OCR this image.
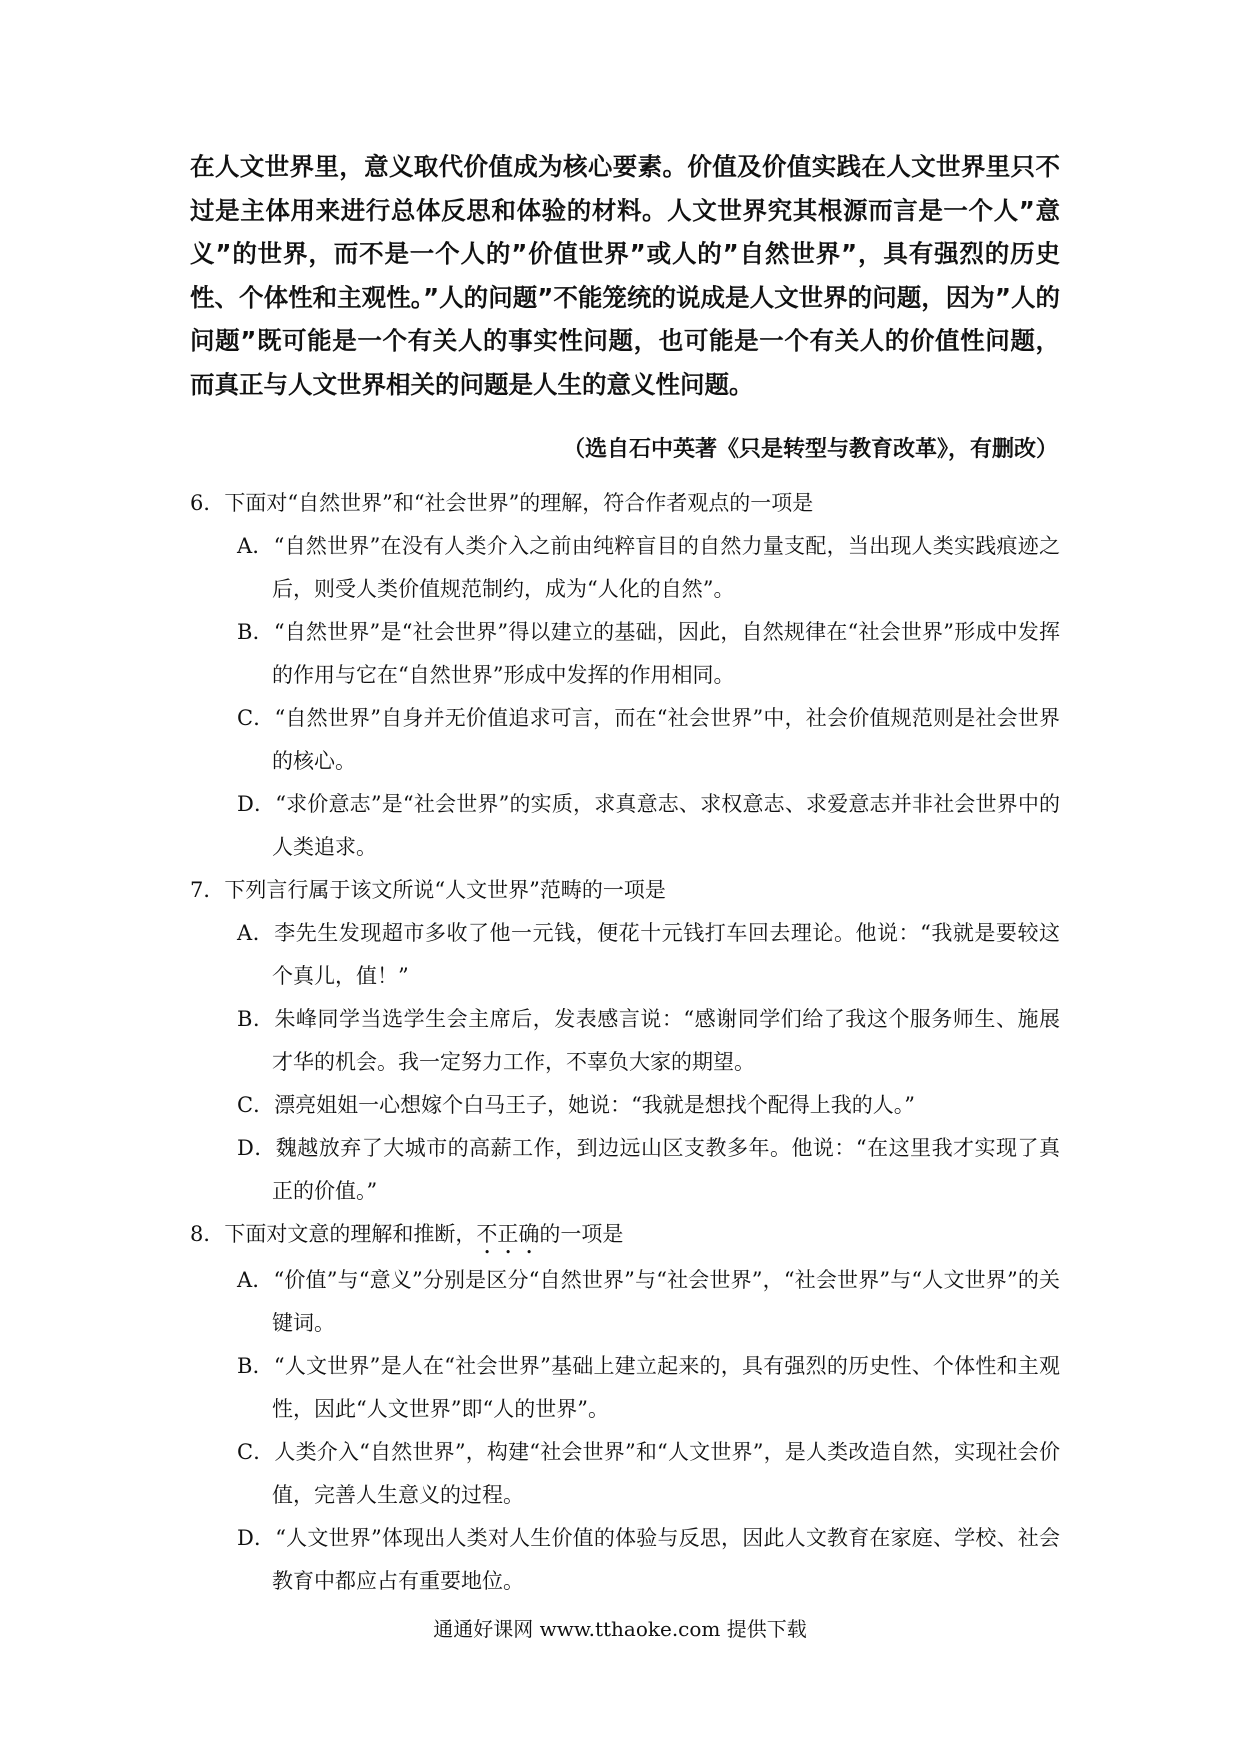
在人文世界里，意义取代价值成为核心要素。价值及价值实践在人文世界里只不过是主体用来进行总体反思和体验的材料。人文世界究其根源而言是一个人”意义”的世界，而不是一个人的”价值世界”或人的”自然世界”，具有强烈的历史性、个体性和主观性。”人的问题”不能笼统的说成是人文世界的问题，因为”人的问题”既可能是一个有关人的事实性问题，也可能是一个有关人的价值性问题，而真正与人文世界相关的问题是人生的意义性问题。

（选自石中英著《只是转型与教育改革》，有删改）

6．下面对“自然世界”和“社会世界”的理解，符合作者观点的一项是

A．“自然世界”在没有人类介入之前由纯粹盲目的自然力量支配，当出现人类实践痕迹之后，则受人类价值规范制约，成为“人化的自然”。

B．“自然世界”是“社会世界”得以建立的基础，因此，自然规律在“社会世界”形成中发挥的作用与它在“自然世界”形成中发挥的作用相同。

C．“自然世界”自身并无价值追求可言，而在“社会世界”中，社会价值规范则是社会世界的核心。

D．“求价意志”是“社会世界”的实质，求真意志、求权意志、求爱意志并非社会世界中的人类追求。

7．下列言行属于该文所说“人文世界”范畴的一项是

A．李先生发现超市多收了他一元钱，便花十元钱打车回去理论。他说：“我就是要较这个真儿，值！”

B．朱峰同学当选学生会主席后，发表感言说：“感谢同学们给了我这个服务师生、施展才华的机会。我一定努力工作，不辜负大家的期望。

C．漂亮姐姐一心想嫁个白马王子，她说：“我就是想找个配得上我的人。”

D．魏越放弃了大城市的高薪工作，到边远山区支教多年。他说：“在这里我才实现了真正的价值。”

8．下面对文意的理解和推断，不正确的一项是

A．“价值”与“意义”分别是区分“自然世界”与“社会世界”，“社会世界”与“人文世界”的关键词。

B．“人文世界”是人在“社会世界”基础上建立起来的，具有强烈的历史性、个体性和主观性，因此“人文世界”即“人的世界”。

C．人类介入“自然世界”，构建“社会世界”和“人文世界”，是人类改造自然，实现社会价值，完善人生意义的过程。

D．“人文世界”体现出人类对人生价值的体验与反思，因此人文教育在家庭、学校、社会教育中都应占有重要地位。

通通好课网 www.tthaoke.com 提供下载
